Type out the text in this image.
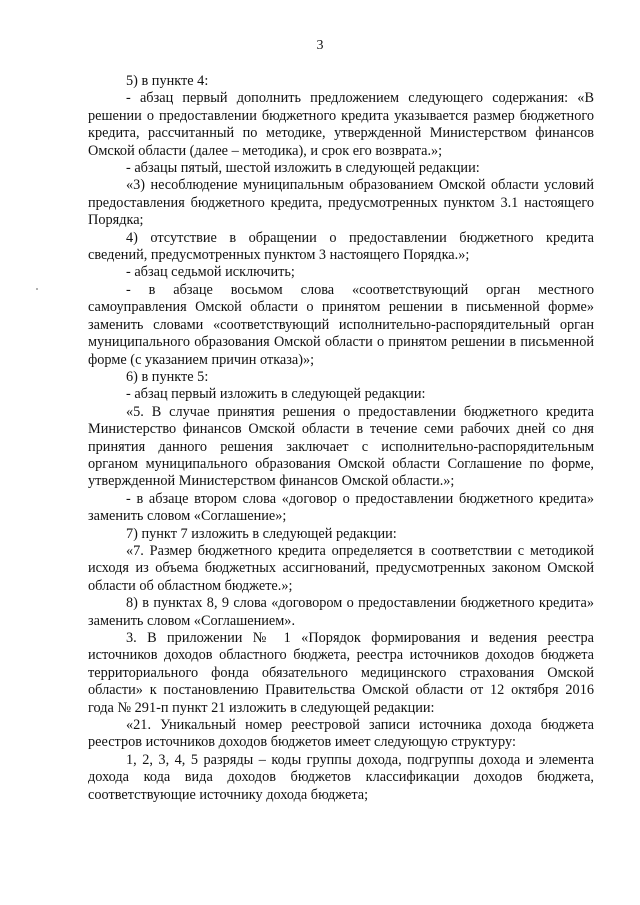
3

5) в пункте 4:

- абзац первый дополнить предложением следующего содержания: «В решении о предоставлении бюджетного кредита указывается размер бюджетного кредита, рассчитанный по методике, утвержденной Министерством финансов Омской области (далее – методика), и срок его возврата.»;

- абзацы пятый, шестой изложить в следующей редакции:

«3) несоблюдение муниципальным образованием Омской области условий предоставления бюджетного кредита, предусмотренных пунктом 3.1 настоящего Порядка;

4) отсутствие в обращении о предоставлении бюджетного кредита сведений, предусмотренных пунктом 3 настоящего Порядка.»;

- абзац седьмой исключить;

- в абзаце восьмом слова «соответствующий орган местного самоуправления Омской области о принятом решении в письменной форме» заменить словами «соответствующий исполнительно-распорядительный орган муниципального образования Омской области о принятом решении в письменной форме (с указанием причин отказа)»;

6) в пункте 5:

- абзац первый изложить в следующей редакции:

«5. В случае принятия решения о предоставлении бюджетного кредита Министерство финансов Омской области в течение семи рабочих дней со дня принятия данного решения заключает с исполнительно-распорядительным органом муниципального образования Омской области Соглашение по форме, утвержденной Министерством финансов Омской области.»;

- в абзаце втором слова «договор о предоставлении бюджетного кредита» заменить словом «Соглашение»;

7) пункт 7 изложить в следующей редакции:

«7. Размер бюджетного кредита определяется в соответствии с методикой исходя из объема бюджетных ассигнований, предусмотренных законом Омской области об областном бюджете.»;

8) в пунктах 8, 9 слова «договором о предоставлении бюджетного кредита» заменить словом «Соглашением».

3. В приложении № 1 «Порядок формирования и ведения реестра источников доходов областного бюджета, реестра источников доходов бюджета территориального фонда обязательного медицинского страхования Омской области» к постановлению Правительства Омской области от 12 октября 2016 года № 291-п пункт 21 изложить в следующей редакции:

«21. Уникальный номер реестровой записи источника дохода бюджета реестров источников доходов бюджетов имеет следующую структуру:

1, 2, 3, 4, 5 разряды – коды группы дохода, подгруппы дохода и элемента дохода кода вида доходов бюджетов классификации доходов бюджета, соответствующие источнику дохода бюджета;
